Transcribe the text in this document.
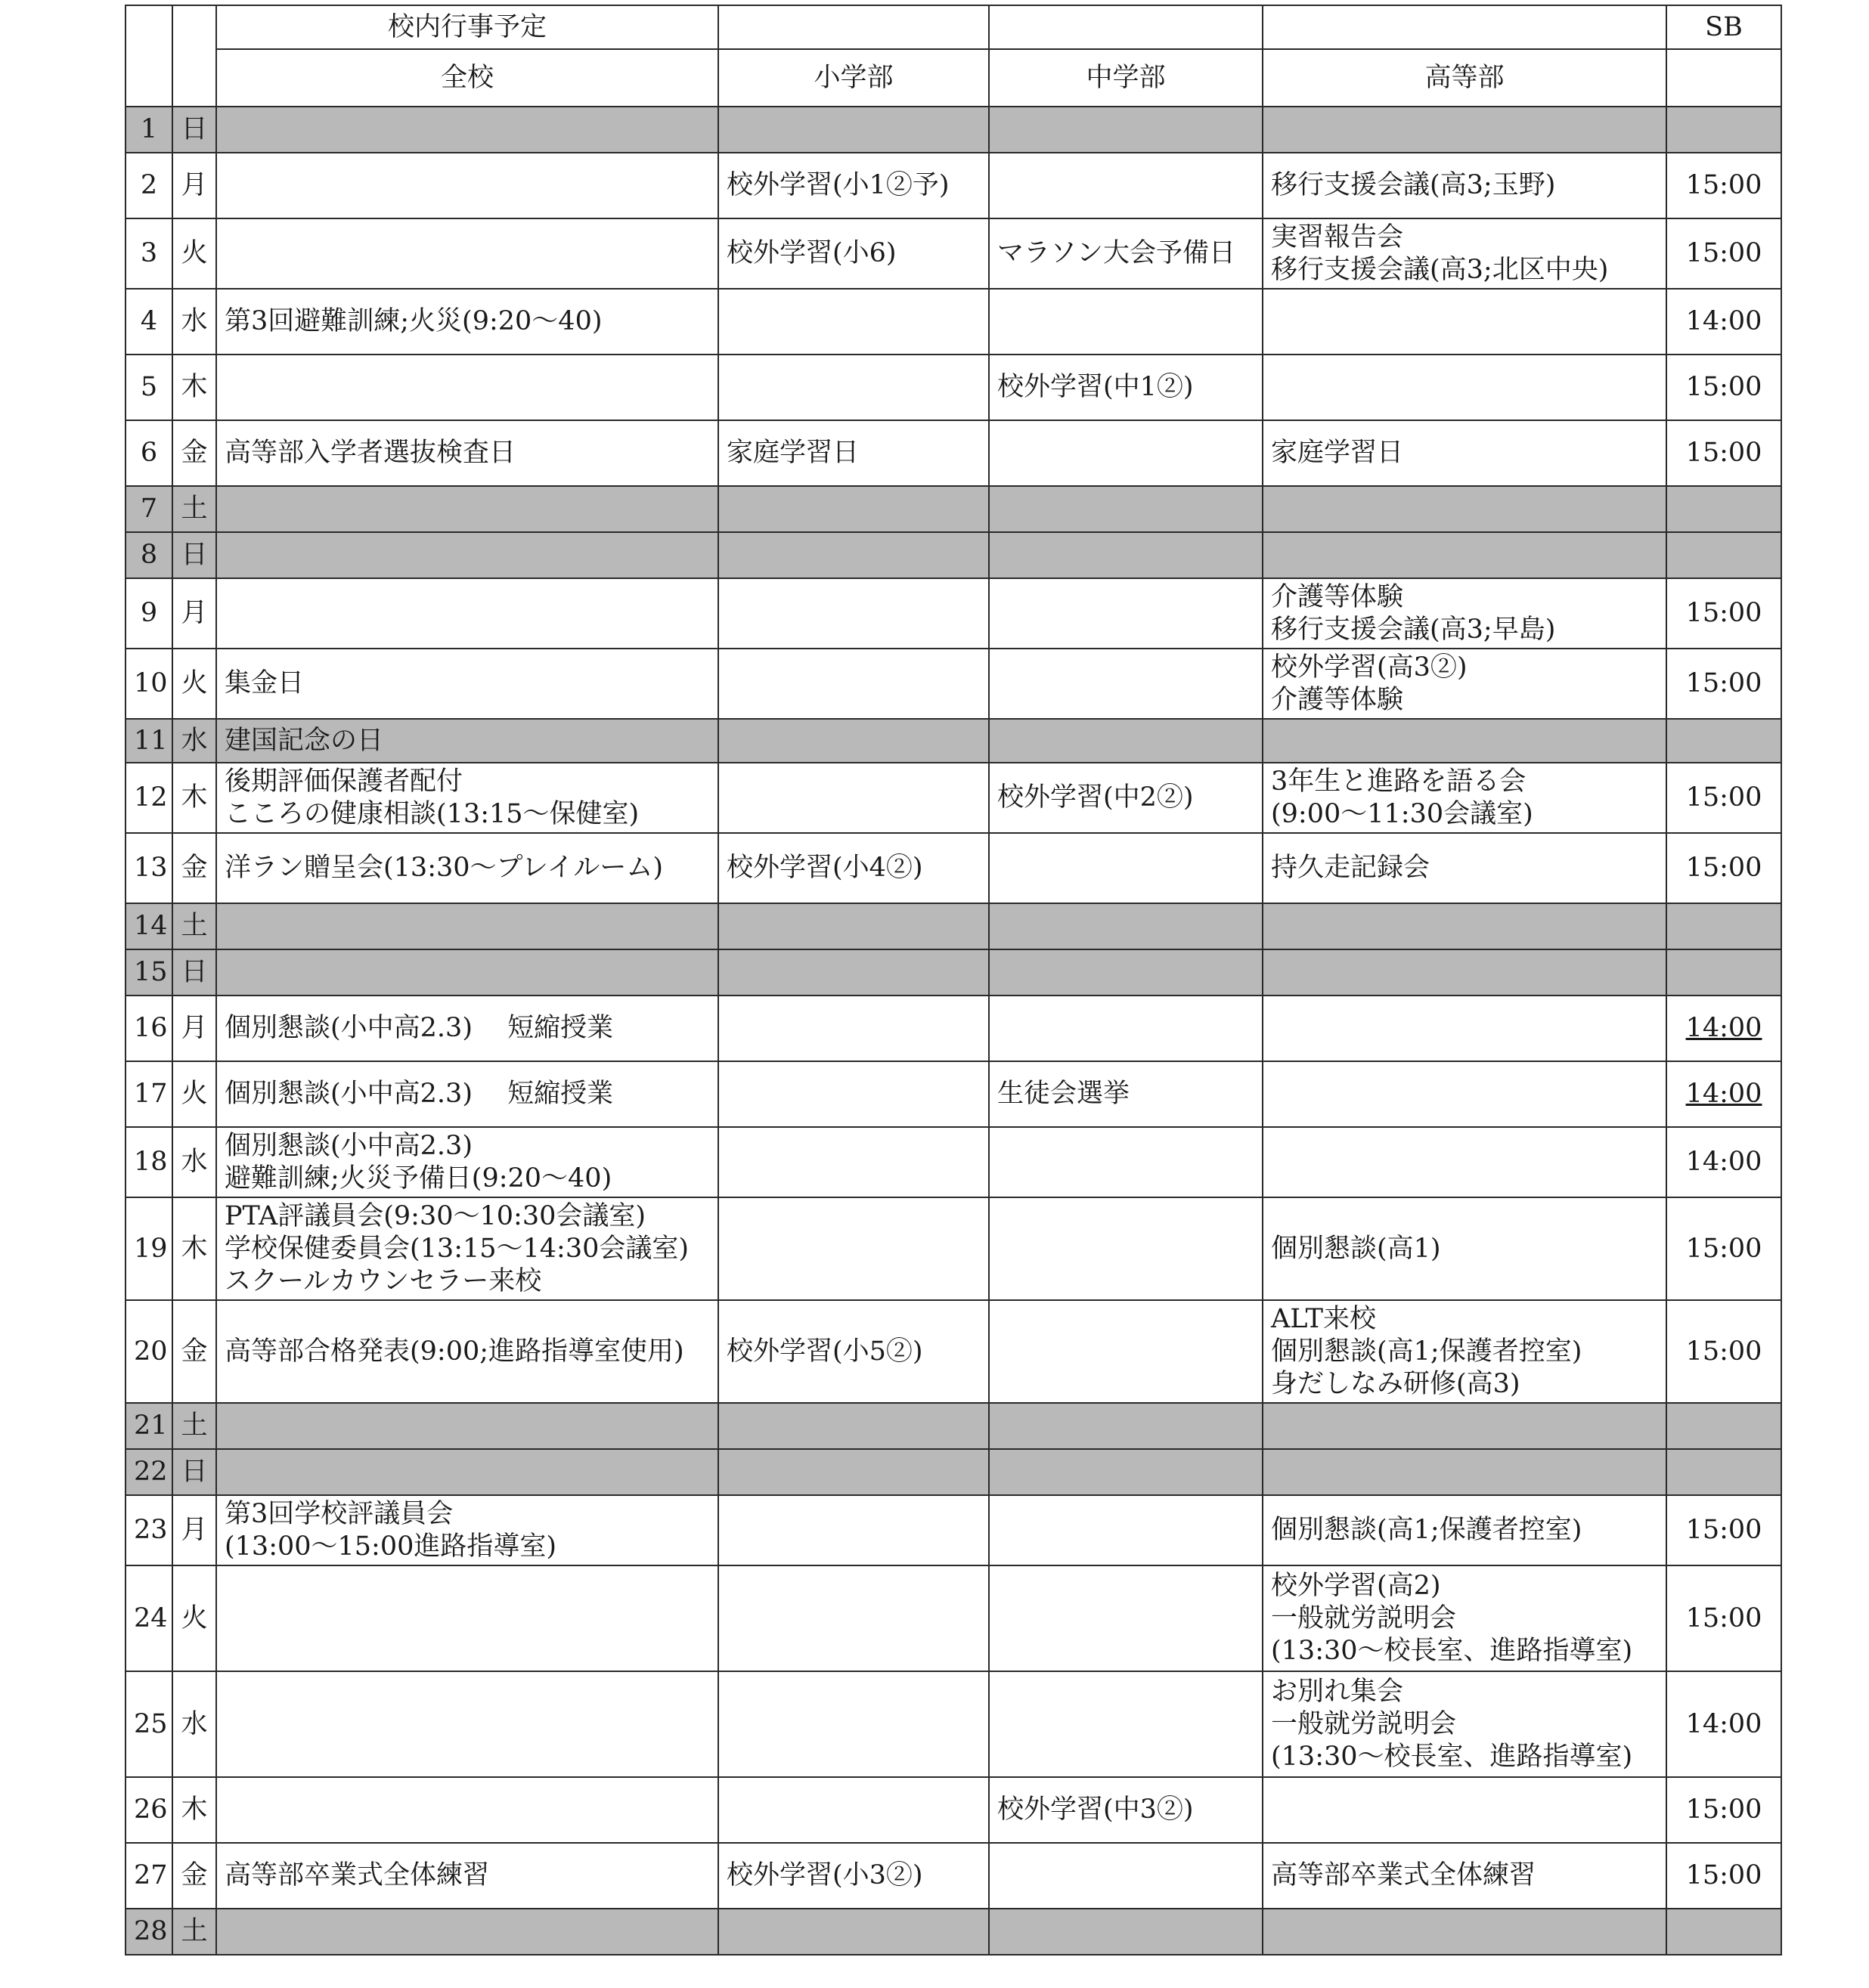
		校内行事予定				SB
		全校	小学部	中学部	高等部	
1	日					
2	月		校外学習(小1②予)		移行支援会議(高3;玉野)	15:00
3	火		校外学習(小6)	マラソン大会予備日	実習報告会
移行支援会議(高3;北区中央)	15:00
4	水	第3回避難訓練;火災(9:20～40)				14:00
5	木			校外学習(中1②)		15:00
6	金	高等部入学者選抜検査日	家庭学習日		家庭学習日	15:00
7	土					
8	日					
9	月				介護等体験
移行支援会議(高3;早島)	15:00
10	火	集金日			校外学習(高3②)
介護等体験	15:00
11	水	建国記念の日				
12	木	後期評価保護者配付
こころの健康相談(13:15～保健室)		校外学習(中2②)	3年生と進路を語る会
(9:00～11:30会議室)	15:00
13	金	洋ラン贈呈会(13:30～プレイルーム)	校外学習(小4②)		持久走記録会	15:00
14	土					
15	日					
16	月	個別懇談(小中高2.3)　 短縮授業				14:00
17	火	個別懇談(小中高2.3)　 短縮授業		生徒会選挙		14:00
18	水	個別懇談(小中高2.3)
避難訓練;火災予備日(9:20～40)				14:00
19	木	PTA評議員会(9:30～10:30会議室)
学校保健委員会(13:15～14:30会議室)
スクールカウンセラー来校			個別懇談(高1)	15:00
20	金	高等部合格発表(9:00;進路指導室使用)	校外学習(小5②)		ALT来校
個別懇談(高1;保護者控室)
身だしなみ研修(高3)	15:00
21	土					
22	日					
23	月	第3回学校評議員会
(13:00～15:00進路指導室)			個別懇談(高1;保護者控室)	15:00
24	火				校外学習(高2)
一般就労説明会
(13:30～校長室、進路指導室)	15:00
25	水				お別れ集会
一般就労説明会
(13:30～校長室、進路指導室)	14:00
26	木			校外学習(中3②)		15:00
27	金	高等部卒業式全体練習	校外学習(小3②)		高等部卒業式全体練習	15:00
28	土					
